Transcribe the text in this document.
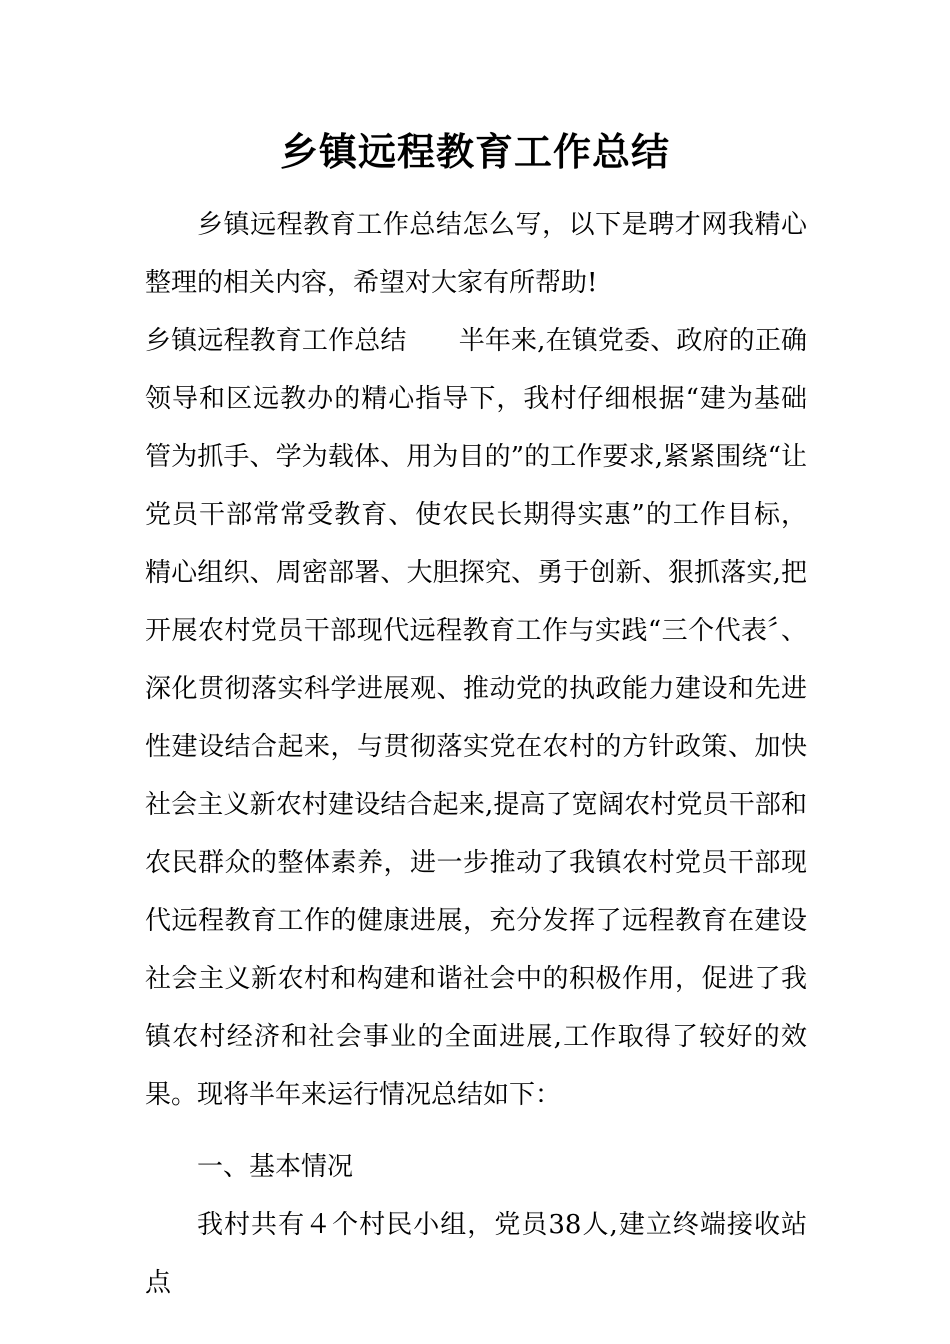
乡镇远程教育工作总结

乡镇远程教育工作总结怎么写，以下是聘才网我精心整理的相关内容，希望对大家有所帮助!

乡镇远程教育工作总结 半年来,在镇党委、政府的正确领导和区远教办的精心指导下，我村仔细根据“建为基础管为抓手、学为载体、用为目的”的工作要求,紧紧围绕“让党员干部常常受教育、使农民长期得实惠”的工作目标，精心组织、周密部署、大胆探究、勇于创新、狠抓落实,把开展农村党员干部现代远程教育工作与实践“三个代表〞、深化贯彻落实科学进展观、推动党的执政能力建设和先进性建设结合起来，与贯彻落实党在农村的方针政策、加快社会主义新农村建设结合起来,提高了宽阔农村党员干部和农民群众的整体素养，进一步推动了我镇农村党员干部现代远程教育工作的健康进展，充分发挥了远程教育在建设社会主义新农村和构建和谐社会中的积极作用，促进了我镇农村经济和社会事业的全面进展,工作取得了较好的效果。现将半年来运行情况总结如下：

一、基本情况

我村共有４个村民小组，党员38人,建立终端接收站点
